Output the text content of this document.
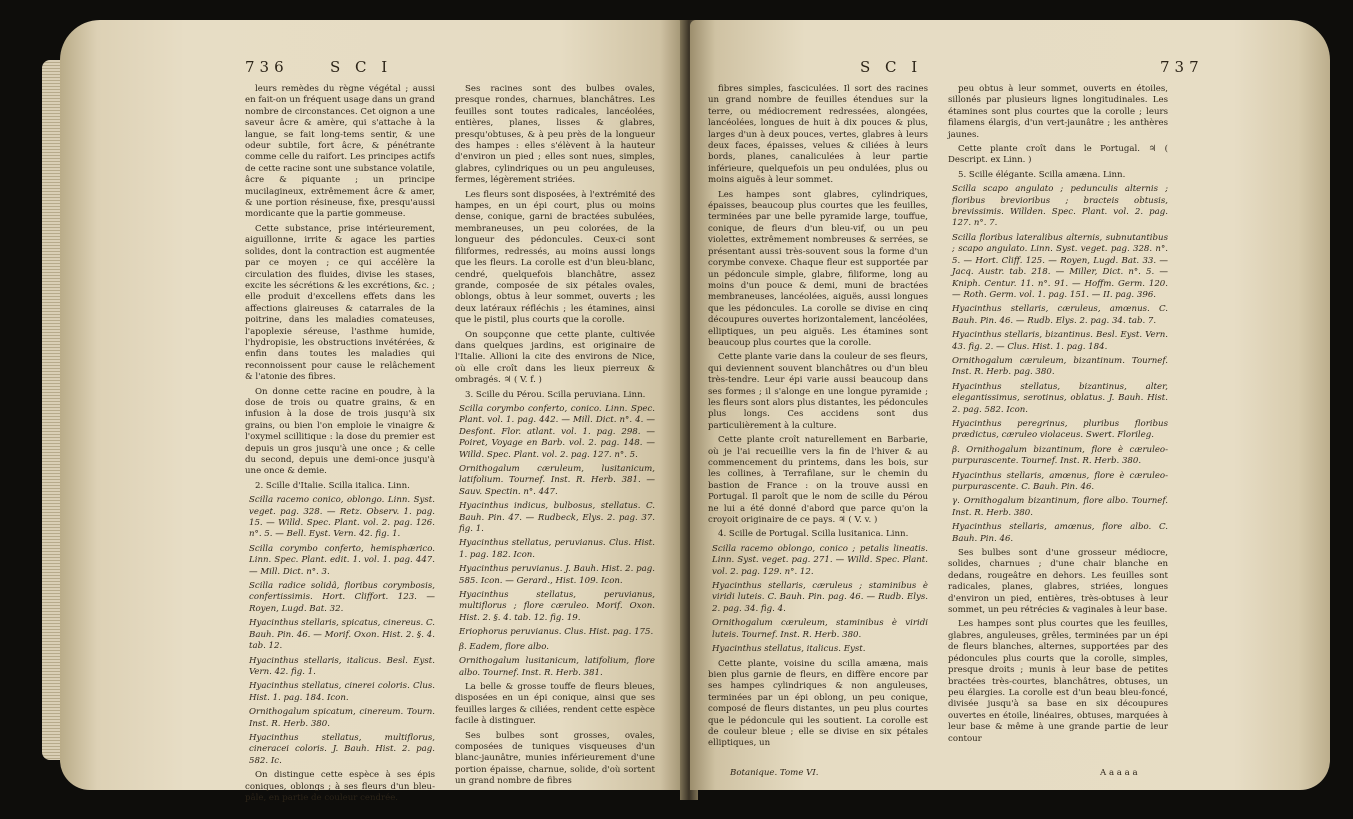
736	S C I

leurs remèdes du règne végétal ; aussi en fait-on un fréquent usage dans un grand nombre de circonstances. Cet oignon a une saveur âcre & amère, qui s'attache à la langue, se fait long-tems sentir, & une odeur subtile, fort âcre, & pénétrante comme celle du raifort. Les principes actifs de cette racine sont une substance volatile, âcre & piquante ; un principe mucilagineux, extrêmement âcre & amer, & une portion résineuse, fixe, presqu'aussi mordicante que la partie gommeuse.

Cette substance, prise intérieurement, aiguillonne, irrite & agace les parties solides, dont la contraction est augmentée par ce moyen ; ce qui accélère la circulation des fluides, divise les stases, excite les sécrétions & les excrétions, &c. ; elle produit d'excellens effets dans les affections glaireuses & catarrales de la poitrine, dans les maladies comateuses, l'apoplexie séreuse, l'asthme humide, l'hydropisie, les obstructions invétérées, & enfin dans toutes les maladies qui reconnoissent pour cause le relâchement & l'atonie des fibres.

On donne cette racine en poudre, à la dose de trois ou quatre grains, & en infusion à la dose de trois jusqu'à six grains, ou bien l'on emploie le vinaigre & l'oxymel scillitique : la dose du premier est depuis un gros jusqu'à une once ; & celle du second, depuis une demi-once jusqu'à une once & demie.

2. Scille d'Italie. Scilla italica. Linn.

Scilla racemo conico, oblongo. Linn. Syst. veget. pag. 328. — Retz. Observ. 1. pag. 15. — Willd. Spec. Plant. vol. 2. pag. 126. n°. 5. — Bell. Eyst. Vern. 42. fig. 1.

Scilla corymbo conferto, hemisphærico. Linn. Spec. Plant. edit. 1. vol. 1. pag. 447. — Mill. Dict. n°. 3.

Scilla radice solidâ, floribus corymbosis, confertissimis. Hort. Cliffort. 123. — Royen, Lugd. Bat. 32.

Hyacinthus stellaris, spicatus, cinereus. C. Bauh. Pin. 46. — Morif. Oxon. Hist. 2. §. 4. tab. 12.

Hyacinthus stellaris, italicus. Besl. Eyst. Vern. 42. fig. 1.

Hyacinthus stellatus, cinerei coloris. Clus. Hist. 1. pag. 184. Icon.

Ornithogalum spicatum, cinereum. Tourn. Inst. R. Herb. 380.

Hyacinthus stellatus, multiflorus, cineracei coloris. J. Bauh. Hist. 2. pag. 582. Ic.

On distingue cette espèce à ses épis coniques, oblongs ; à ses fleurs d'un bleu-pâle, en partie de couleur cendrée.

Ses racines sont des bulbes ovales, presque rondes, charnues, blanchâtres. Les feuilles sont toutes radicales, lancéolées, entières, planes, lisses & glabres, presqu'obtuses, & à peu près de la longueur des hampes : elles s'élèvent à la hauteur d'environ un pied ; elles sont nues, simples, glabres, cylindriques ou un peu anguleuses, fermes, légèrement striées.

Les fleurs sont disposées, à l'extrémité des hampes, en un épi court, plus ou moins dense, conique, garni de bractées subulées, membraneuses, un peu colorées, de la longueur des pédoncules. Ceux-ci sont filiformes, redressés, au moins aussi longs que les fleurs. La corolle est d'un bleu-blanc, cendré, quelquefois blanchâtre, assez grande, composée de six pétales ovales, oblongs, obtus à leur sommet, ouverts ; les deux latéraux réfléchis ; les étamines, ainsi que le pistil, plus courts que la corolle.

On soupçonne que cette plante, cultivée dans quelques jardins, est originaire de l'Italie. Allioni la cite des environs de Nice, où elle croît dans les lieux pierreux & ombragés. ♃ ( V. f. )

3. Scille du Pérou. Scilla peruviana. Linn.

Scilla corymbo conferto, conico. Linn. Spec. Plant. vol. 1. pag. 442. — Mill. Dict. n°. 4. — Desfont. Flor. atlant. vol. 1. pag. 298. — Poiret, Voyage en Barb. vol. 2. pag. 148. — Willd. Spec. Plant. vol. 2. pag. 127. n°. 5.

Ornithogalum cæruleum, lusitanicum, latifolium. Tournef. Inst. R. Herb. 381. — Sauv. Spectin. n°. 447.

Hyacinthus indicus, bulbosus, stellatus. C. Bauh. Pin. 47. — Rudbeck, Elys. 2. pag. 37. fig. 1.

Hyacinthus stellatus, peruvianus. Clus. Hist. 1. pag. 182. Icon.

Hyacinthus peruvianus. J. Bauh. Hist. 2. pag. 585. Icon. — Gerard., Hist. 109. Icon.

Hyacinthus stellatus, peruvianus, multiflorus ; flore cæruleo. Morif. Oxon. Hist. 2. §. 4. tab. 12. fig. 19.

Eriophorus peruvianus. Clus. Hist. pag. 175.

β. Eadem, flore albo.

Ornithogalum lusitanicum, latifolium, flore albo. Tournef. Inst. R. Herb. 381.

La belle & grosse touffe de fleurs bleues, disposées en un épi conique, ainsi que ses feuilles larges & ciliées, rendent cette espèce facile à distinguer.

Ses bulbes sont grosses, ovales, composées de tuniques visqueuses d'un blanc-jaunâtre, munies inférieurement d'une portion épaisse, charnue, solide, d'où sortent un grand nombre de fibres

S C I	737

fibres simples, fasciculées. Il sort des racines un grand nombre de feuilles étendues sur la terre, ou médiocrement redressées, alongées, lancéolées, longues de huit à dix pouces & plus, larges d'un à deux pouces, vertes, glabres à leurs deux faces, épaisses, velues & ciliées à leurs bords, planes, canaliculées à leur partie inférieure, quelquefois un peu ondulées, plus ou moins aiguës à leur sommet.

Les hampes sont glabres, cylindriques, épaisses, beaucoup plus courtes que les feuilles, terminées par une belle pyramide large, touffue, conique, de fleurs d'un bleu-vif, ou un peu violettes, extrêmement nombreuses & serrées, se présentant aussi très-souvent sous la forme d'un corymbe convexe. Chaque fleur est supportée par un pédoncule simple, glabre, filiforme, long au moins d'un pouce & demi, muni de bractées membraneuses, lancéolées, aiguës, aussi longues que les pédoncules. La corolle se divise en cinq découpures ouvertes horizontalement, lancéolées, elliptiques, un peu aiguës. Les étamines sont beaucoup plus courtes que la corolle.

Cette plante varie dans la couleur de ses fleurs, qui deviennent souvent blanchâtres ou d'un bleu très-tendre. Leur épi varie aussi beaucoup dans ses formes ; il s'alonge en une longue pyramide ; les fleurs sont alors plus distantes, les pédoncules plus longs. Ces accidens sont dus particulièrement à la culture.

Cette plante croît naturellement en Barbarie, où je l'ai recueillie vers la fin de l'hiver & au commencement du printems, dans les bois, sur les collines, à Terrafilane, sur le chemin du bastion de France : on la trouve aussi en Portugal. Il paroît que le nom de scille du Pérou ne lui a été donné d'abord que parce qu'on la croyoit originaire de ce pays. ♃ ( V. v. )

4. Scille de Portugal. Scilla lusitanica. Linn.

Scilla racemo oblongo, conico ; petalis lineatis. Linn. Syst. veget. pag. 271. — Willd. Spec. Plant. vol. 2. pag. 129. n°. 12.

Hyacinthus stellaris, cæruleus ; staminibus è viridi luteis. C. Bauh. Pin. pag. 46. — Rudb. Elys. 2. pag. 34. fig. 4.

Ornithogalum cæruleum, staminibus è viridi luteis. Tournef. Inst. R. Herb. 380.

Hyacinthus stellatus, italicus. Eyst.

Cette plante, voisine du scilla amæna, mais bien plus garnie de fleurs, en diffère encore par ses hampes cylindriques & non anguleuses, terminées par un épi oblong, un peu conique, composé de fleurs distantes, un peu plus courtes que le pédoncule qui les soutient. La corolle est de couleur bleue ; elle se divise en six pétales elliptiques, un

peu obtus à leur sommet, ouverts en étoiles, sillonés par plusieurs lignes longitudinales. Les étamines sont plus courtes que la corolle ; leurs filamens élargis, d'un vert-jaunâtre ; les anthères jaunes.

Cette plante croît dans le Portugal. ♃ ( Descript. ex Linn. )

5. Scille élégante. Scilla amæna. Linn.

Scilla scapo angulato ; pedunculis alternis ; floribus brevioribus ; bracteis obtusis, brevissimis. Willden. Spec. Plant. vol. 2. pag. 127. n°. 7.

Scilla floribus lateralibus alternis, subnutantibus ; scapo angulato. Linn. Syst. veget. pag. 328. n°. 5. — Hort. Cliff. 125. — Royen, Lugd. Bat. 33. — Jacq. Austr. tab. 218. — Miller, Dict. n°. 5. — Kniph. Centur. 11. n°. 91. — Hoffm. Germ. 120. — Roth. Germ. vol. 1. pag. 151. — II. pag. 396.

Hyacinthus stellaris, cæruleus, amœnus. C. Bauh. Pin. 46. — Rudb. Elys. 2. pag. 34. tab. 7.

Hyacinthus stellaris, bizantinus. Besl. Eyst. Vern. 43. fig. 2. — Clus. Hist. 1. pag. 184.

Ornithogalum cæruleum, bizantinum. Tournef. Inst. R. Herb. pag. 380.

Hyacinthus stellatus, bizantinus, alter, elegantissimus, serotinus, oblatus. J. Bauh. Hist. 2. pag. 582. Icon.

Hyacinthus peregrinus, pluribus floribus prædictus, cæruleo violaceus. Swert. Florileg.

β. Ornithogalum bizantinum, flore è cæruleo-purpurascente. Tournef. Inst. R. Herb. 380.

Hyacinthus stellaris, amœnus, flore è cæruleo-purpurascente. C. Bauh. Pin. 46.

γ. Ornithogalum bizantinum, flore albo. Tournef. Inst. R. Herb. 380.

Hyacinthus stellaris, amœnus, flore albo. C. Bauh. Pin. 46.

Ses bulbes sont d'une grosseur médiocre, solides, charnues ; d'une chair blanche en dedans, rougeâtre en dehors. Les feuilles sont radicales, planes, glabres, striées, longues d'environ un pied, entières, très-obtuses à leur sommet, un peu rétrécies & vaginales à leur base.

Les hampes sont plus courtes que les feuilles, glabres, anguleuses, grêles, terminées par un épi de fleurs blanches, alternes, supportées par des pédoncules plus courts que la corolle, simples, presque droits ; munis à leur base de petites bractées très-courtes, blanchâtres, obtuses, un peu élargies. La corolle est d'un beau bleu-foncé, divisée jusqu'à sa base en six découpures ouvertes en étoile, linéaires, obtuses, marquées à leur base & même à une grande partie de leur contour

Botanique. Tome VI.	A a a a a
